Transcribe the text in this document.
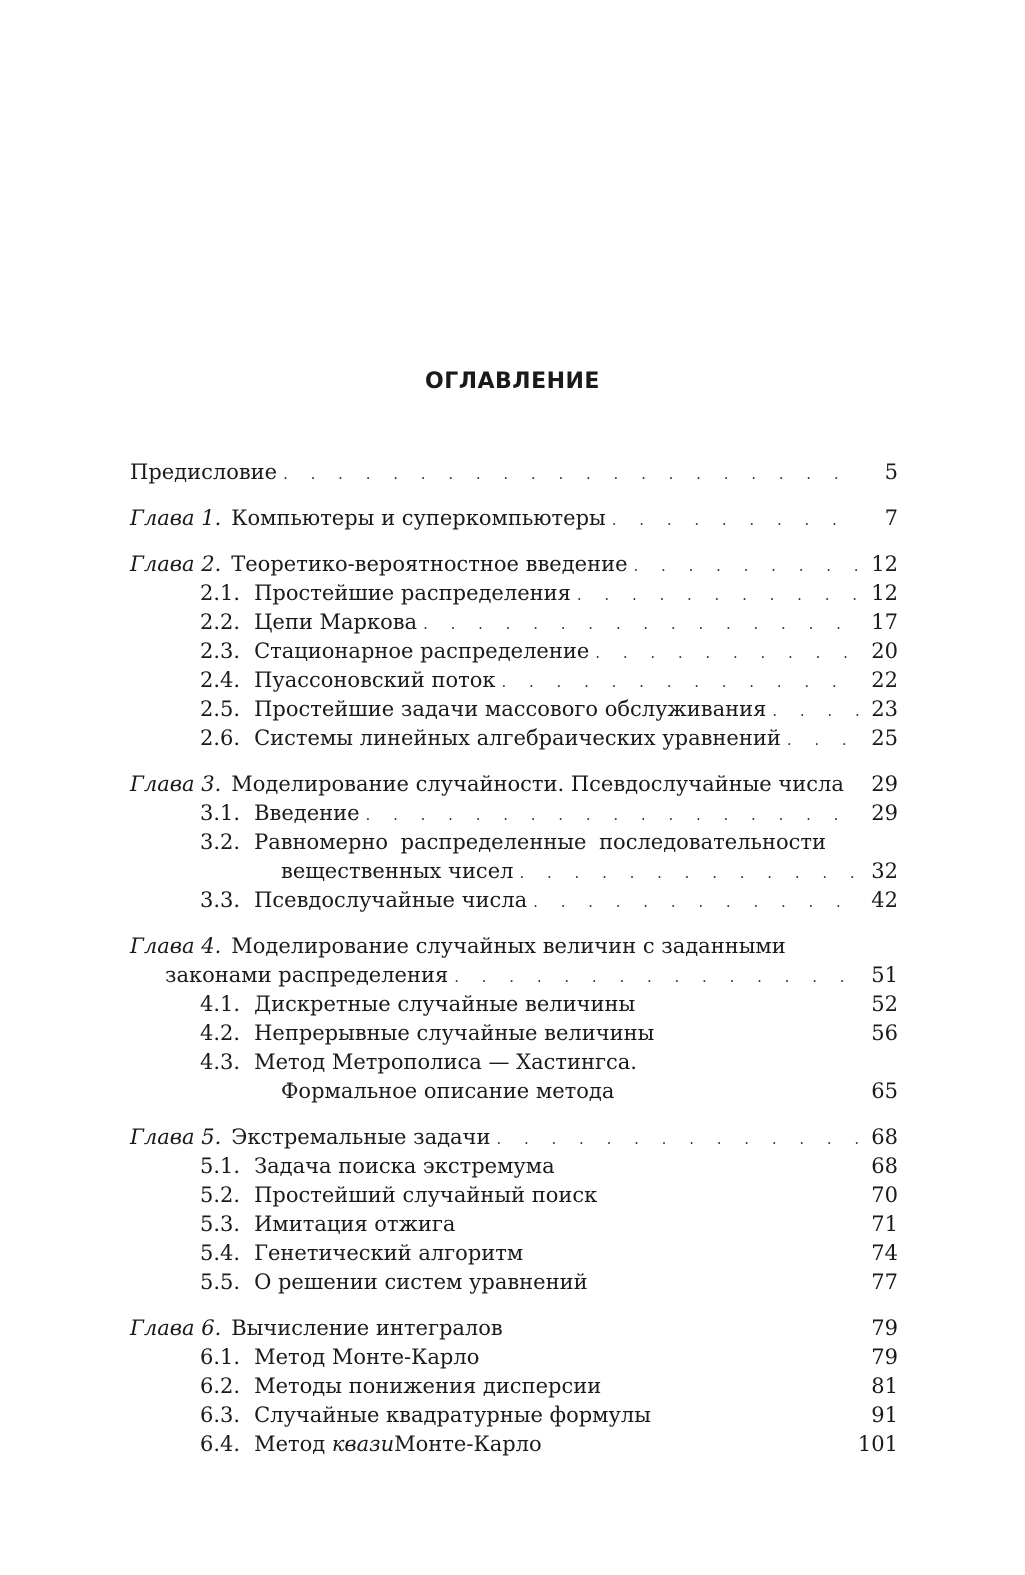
ОГЛАВЛЕНИЕ
Предисловие . . .	5
Глава 1. Компьютеры и суперкомпьютеры . . .	7
Глава 2. Теоретико-вероятностное введение . . .	12
2.1. Простейшие распределения . . .	12
2.2. Цепи Маркова . . .	17
2.3. Стационарное распределение . . .	20
2.4. Пуассоновский поток . . .	22
2.5. Простейшие задачи массового обслуживания . . .	23
2.6. Системы линейных алгебраических уравнений . . .	25
Глава 3. Моделирование случайности. Псевдослучайные числа	29
3.1. Введение . . .	29
3.2. Равномерно распределенные последовательности
вещественных чисел . . .	32
3.3. Псевдослучайные числа . . .	42
Глава 4. Моделирование случайных величин с заданными
законами распределения . . .	51
4.1. Дискретные случайные величины	52
4.2. Непрерывные случайные величины	56
4.3. Метод Метрополиса — Хастингса.
Формальное описание метода	65
Глава 5. Экстремальные задачи . . .	68
5.1. Задача поиска экстремума	68
5.2. Простейший случайный поиск	70
5.3. Имитация отжига	71
5.4. Генетический алгоритм	74
5.5. О решении систем уравнений	77
Глава 6. Вычисление интегралов	79
6.1. Метод Монте-Карло	79
6.2. Методы понижения дисперсии	81
6.3. Случайные квадратурные формулы	91
6.4. Метод квазиМонте-Карло	101
